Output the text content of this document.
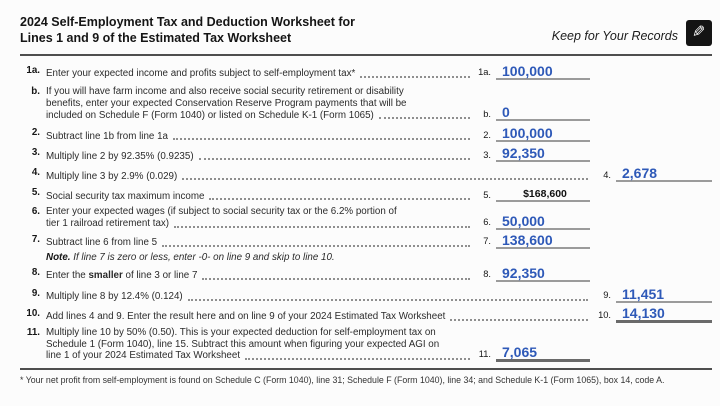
2024 Self-Employment Tax and Deduction Worksheet for
Lines 1 and 9 of the Estimated Tax Worksheet	Keep for Your Records ✎
1a. Enter your expected income and profits subject to self-employment tax*	1a. 100,000
b. If you will have farm income and also receive social security retirement or disability
benefits, enter your expected Conservation Reserve Program payments that will be
included on Schedule F (Form 1040) or listed on Schedule K-1 (Form 1065)	b. 0
2. Subtract line 1b from line 1a	2. 100,000
3. Multiply line 2 by 92.35% (0.9235)	3. 92,350
4. Multiply line 3 by 2.9% (0.029)	4. 2,678
5. Social security tax maximum income	5.	$168,600
6. Enter your expected wages (if subject to social security tax or the 6.2% portion of
tier 1 railroad retirement tax)	6. 50,000
7. Subtract line 6 from line 5	7. 138,600
Note. If line 7 is zero or less, enter -0- on line 9 and skip to line 10.
8. Enter the smaller of line 3 or line 7	8. 92,350
9. Multiply line 8 by 12.4% (0.124)	9. 11,451
10. Add lines 4 and 9. Enter the result here and on line 9 of your 2024 Estimated Tax Worksheet	10. 14,130
11. Multiply line 10 by 50% (0.50). This is your expected deduction for self-employment tax on
Schedule 1 (Form 1040), line 15. Subtract this amount when figuring your expected AGI on
line 1 of your 2024 Estimated Tax Worksheet	11. 7,065
* Your net profit from self-employment is found on Schedule C (Form 1040), line 31; Schedule F (Form 1040), line 34; and Schedule K-1 (Form 1065), box 14, code A.
